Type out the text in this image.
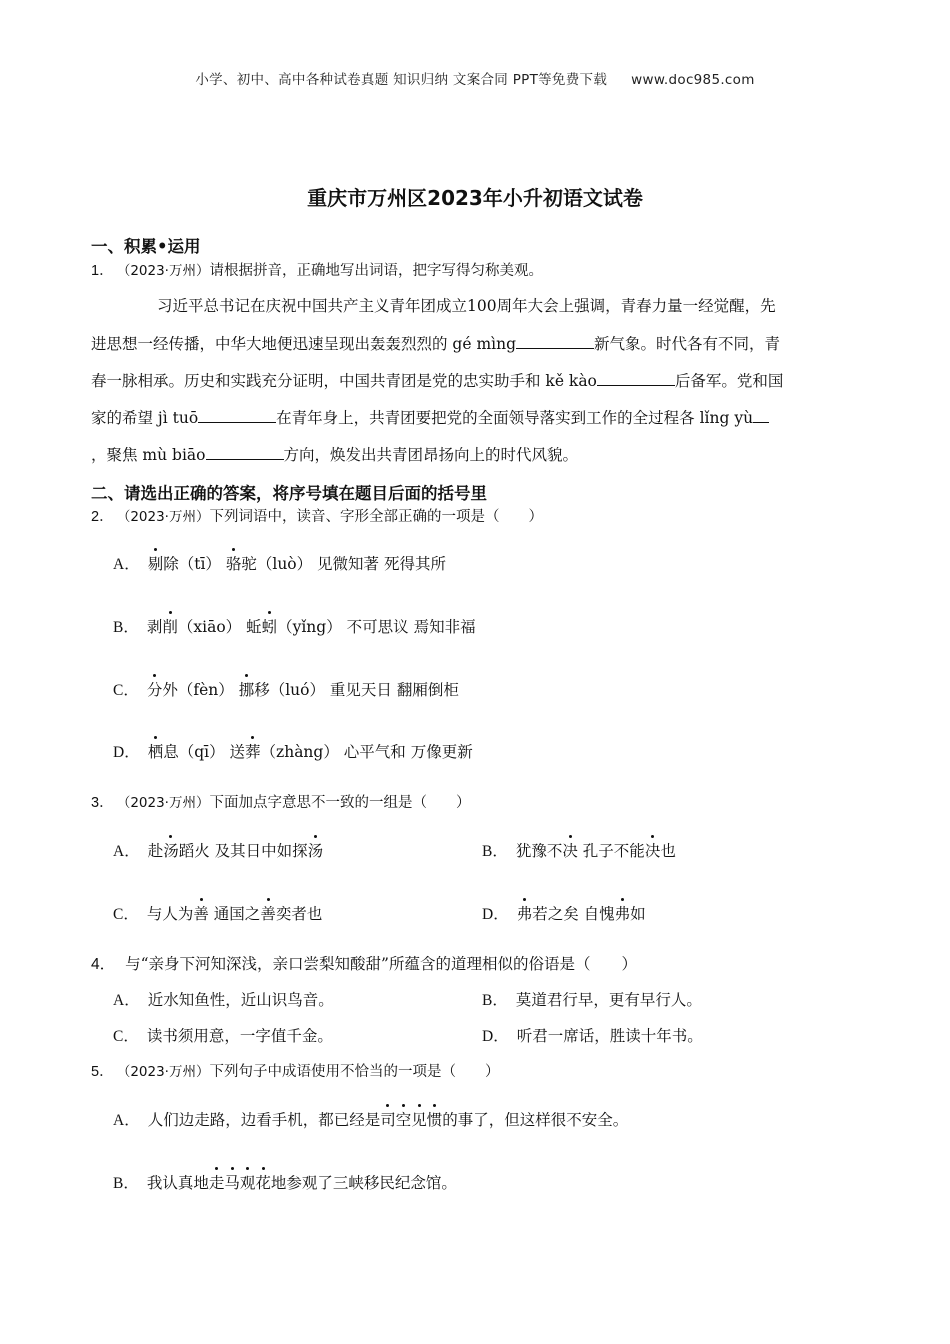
小学、初中、高中各种试卷真题 知识归纳 文案合同 PPT等免费下载 www.doc985.com
重庆市万州区2023年小升初语文试卷
一、积累•运用
1． （2023·万州）请根据拼音，正确地写出词语，把字写得匀称美观。
习近平总书记在庆祝中国共产主义青年团成立100周年大会上强调，青春力量一经觉醒，先
进思想一经传播，中华大地便迅速呈现出轰轰烈烈的 gé mìng	新气象。时代各有不同，青
春一脉相承。历史和实践充分证明，中国共青团是党的忠实助手和 kě kào	后备军。党和国
家的希望 jì tuō	在青年身上，共青团要把党的全面领导落实到工作的全过程各 lǐng yù
，聚焦 mù biāo	方向，焕发出共青团昂扬向上的时代风貌。
二、请选出正确的答案，将序号填在题目后面的括号里
2． （2023·万州）下列词语中，读音、字形全部正确的一项是（　　）
A． 剔除（tī） 骆驼（luò） 见微知著 死得其所
B． 剥削（xiāo） 蚯蚓（yǐng） 不可思议 焉知非福
C． 分外（fèn） 挪移（luó） 重见天日 翻厢倒柜
D． 栖息（qī） 送葬（zhàng） 心平气和 万像更新
3． （2023·万州）下面加点字意思不一致的一组是（　　）
A． 赴汤蹈火 及其日中如探汤	B． 犹豫不决 孔子不能决也
C． 与人为善 通国之善奕者也	D． 弗若之矣 自愧弗如
4． 与“亲身下河知深浅，亲口尝梨知酸甜”所蕴含的道理相似的俗语是（　　）
A． 近水知鱼性，近山识鸟音。	B． 莫道君行早，更有早行人。
C． 读书须用意，一字值千金。	D． 听君一席话，胜读十年书。
5． （2023·万州）下列句子中成语使用不恰当的一项是（　　）
A． 人们边走路，边看手机，都已经是司空见惯的事了，但这样很不安全。
B． 我认真地走马观花地参观了三峡移民纪念馆。
